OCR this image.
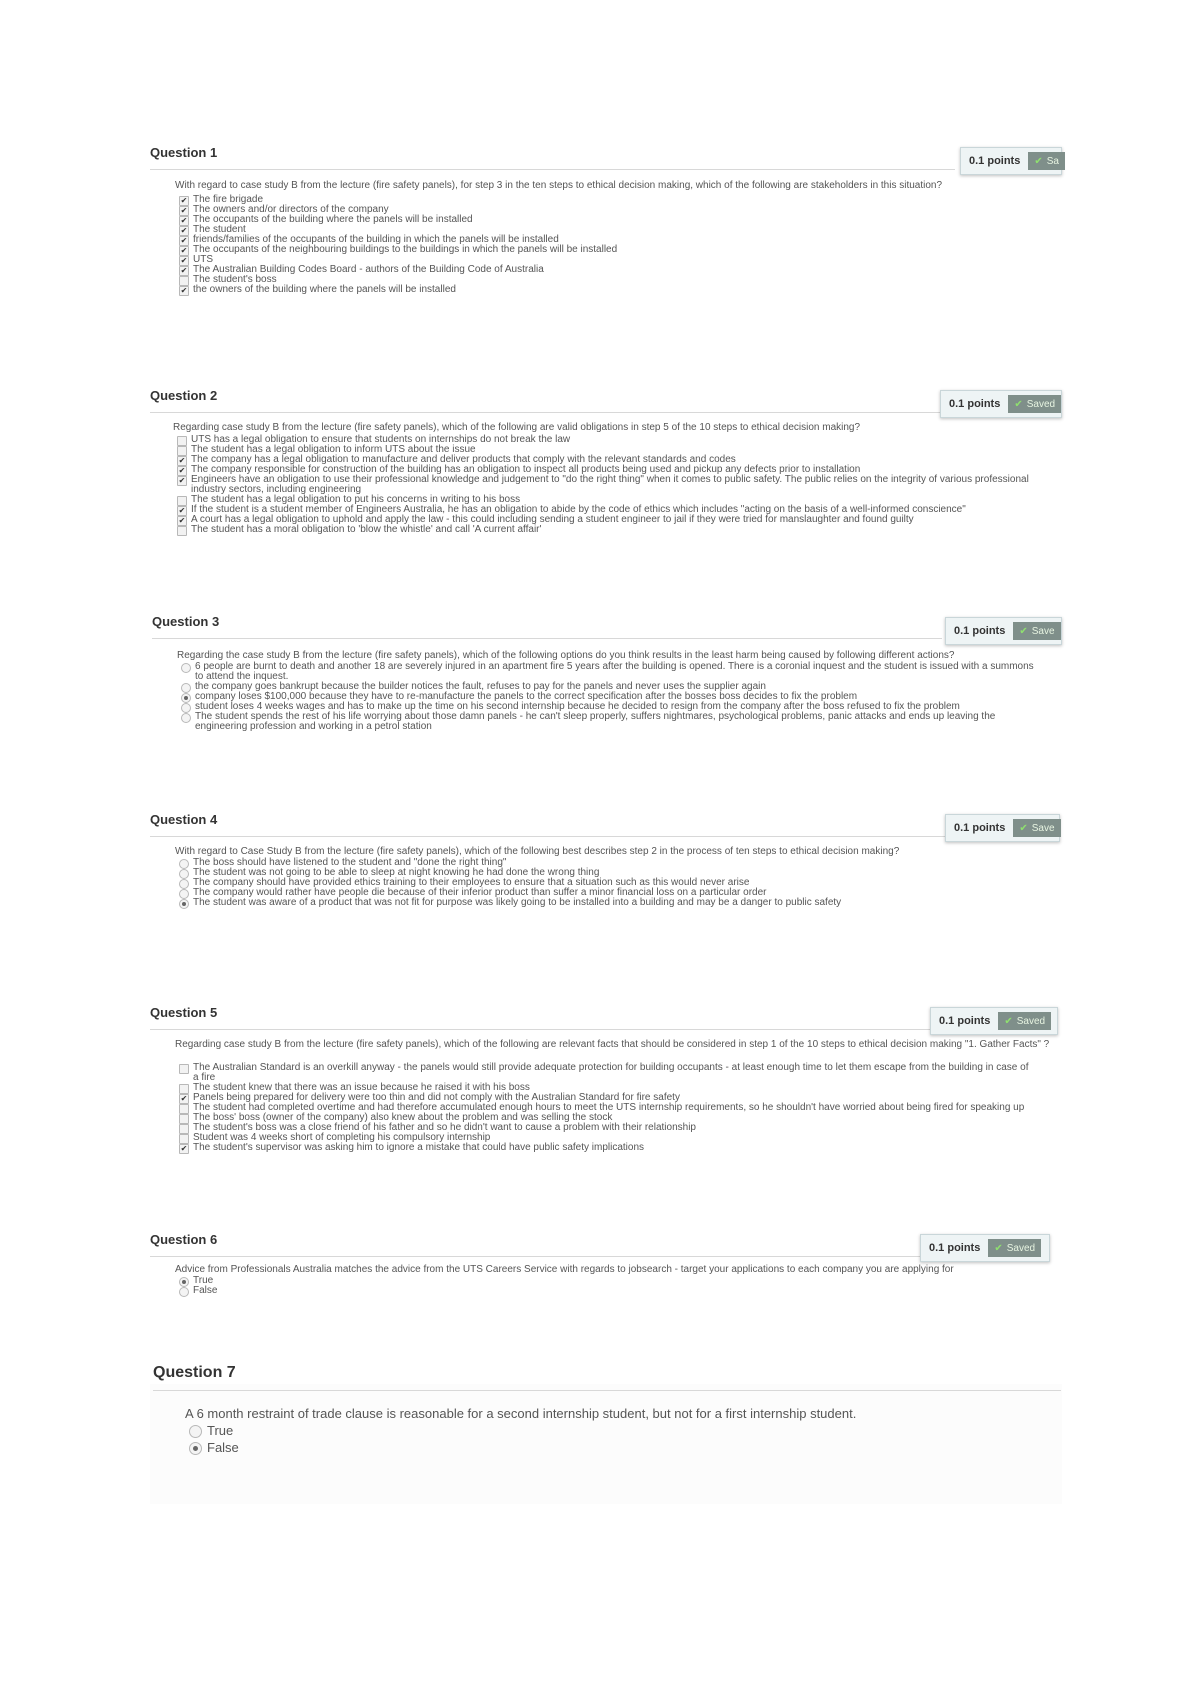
Question 1
0.1 points	✔ Sa
With regard to case study B from the lecture (fire safety panels), for step 3 in the ten steps to ethical decision making, which of the following are stakeholders in this situation?
✔ The fire brigade
✔ The owners and/or directors of the company
✔ The occupants of the building where the panels will be installed
✔ The student
✔ friends/families of the occupants of the building in which the panels will be installed
✔ The occupants of the neighbouring buildings to the buildings in which the panels will be installed
✔ UTS
✔ The Australian Building Codes Board - authors of the Building Code of Australia
The student's boss
✔ the owners of the building where the panels will be installed
Question 2
0.1 points	✔ Saved
Regarding case study B from the lecture (fire safety panels), which of the following are valid obligations in step 5 of the 10 steps to ethical decision making?
UTS has a legal obligation to ensure that students on internships do not break the law
The student has a legal obligation to inform UTS about the issue
✔ The company has a legal obligation to manufacture and deliver products that comply with the relevant standards and codes
✔ The company responsible for construction of the building has an obligation to inspect all products being used and pickup any defects prior to installation
✔ Engineers have an obligation to use their professional knowledge and judgement to "do the right thing" when it comes to public safety. The public relies on the integrity of various professional industry sectors, including engineering
The student has a legal obligation to put his concerns in writing to his boss
✔ If the student is a student member of Engineers Australia, he has an obligation to abide by the code of ethics which includes "acting on the basis of a well-informed conscience"
✔ A court has a legal obligation to uphold and apply the law - this could including sending a student engineer to jail if they were tried for manslaughter and found guilty
The student has a moral obligation to 'blow the whistle' and call 'A current affair'
Question 3
0.1 points	✔ Save
Regarding the case study B from the lecture (fire safety panels), which of the following options do you think results in the least harm being caused by following different actions?
6 people are burnt to death and another 18 are severely injured in an apartment fire 5 years after the building is opened. There is a coronial inquest and the student is issued with a summons to attend the inquest.
the company goes bankrupt because the builder notices the fault, refuses to pay for the panels and never uses the supplier again
company loses $100,000 because they have to re-manufacture the panels to the correct specification after the bosses boss decides to fix the problem
student loses 4 weeks wages and has to make up the time on his second internship because he decided to resign from the company after the boss refused to fix the problem
The student spends the rest of his life worrying about those damn panels - he can't sleep properly, suffers nightmares, psychological problems, panic attacks and ends up leaving the engineering profession and working in a petrol station
Question 4
0.1 points	✔ Save
With regard to Case Study B from the lecture (fire safety panels), which of the following best describes step 2 in the process of ten steps to ethical decision making?
The boss should have listened to the student and "done the right thing"
The student was not going to be able to sleep at night knowing he had done the wrong thing
The company should have provided ethics training to their employees to ensure that a situation such as this would never arise
The company would rather have people die because of their inferior product than suffer a minor financial loss on a particular order
The student was aware of a product that was not fit for purpose was likely going to be installed into a building and may be a danger to public safety
Question 5
0.1 points	✔ Saved
Regarding case study B from the lecture (fire safety panels), which of the following are relevant facts that should be considered in step 1 of the 10 steps to ethical decision making "1. Gather Facts" ?
The Australian Standard is an overkill anyway - the panels would still provide adequate protection for building occupants - at least enough time to let them escape from the building in case of a fire
The student knew that there was an issue because he raised it with his boss
✔ Panels being prepared for delivery were too thin and did not comply with the Australian Standard for fire safety
The student had completed overtime and had therefore accumulated enough hours to meet the UTS internship requirements, so he shouldn't have worried about being fired for speaking up
The boss' boss (owner of the company) also knew about the problem and was selling the stock
The student's boss was a close friend of his father and so he didn't want to cause a problem with their relationship
Student was 4 weeks short of completing his compulsory internship
✔ The student's supervisor was asking him to ignore a mistake that could have public safety implications
Question 6
0.1 points	✔ Saved
Advice from Professionals Australia matches the advice from the UTS Careers Service with regards to jobsearch - target your applications to each company you are applying for
True
False
Question 7
A 6 month restraint of trade clause is reasonable for a second internship student, but not for a first internship student.
True
False
